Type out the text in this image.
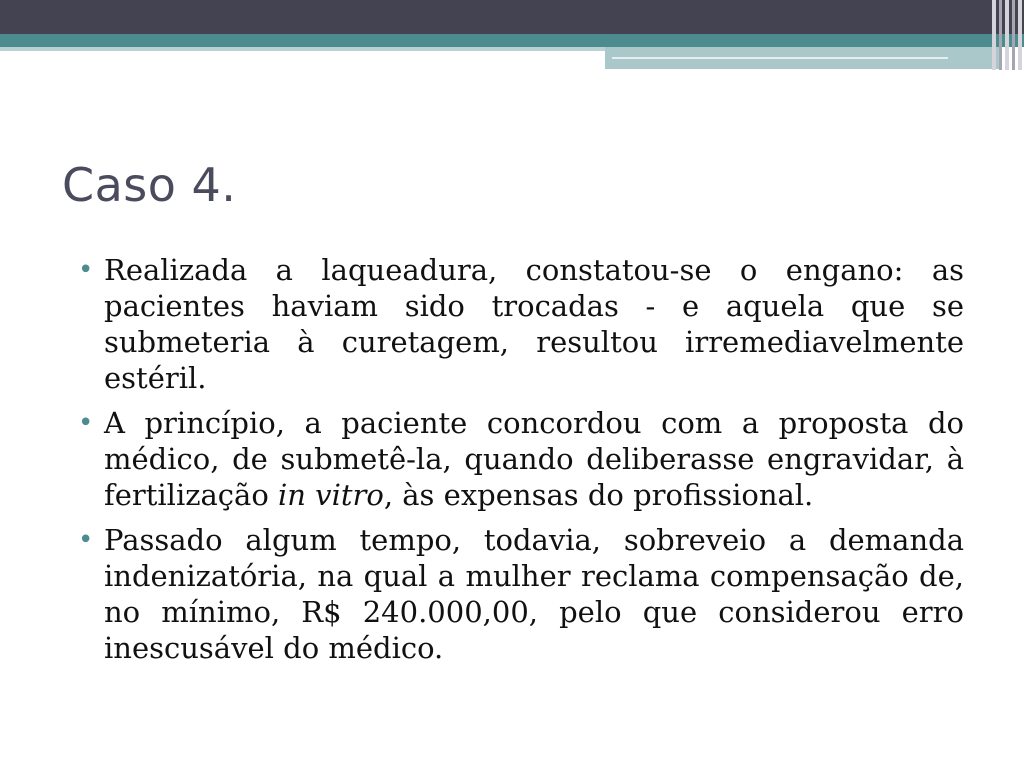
Caso 4.
• Realizada a laqueadura, constatou-se o engano: as pacientes haviam sido trocadas - e aquela que se submeteria à curetagem, resultou irremediavelmente estéril.
• A princípio, a paciente concordou com a proposta do médico, de submetê-la, quando deliberasse engravidar, à fertilização in vitro, às expensas do profissional.
• Passado algum tempo, todavia, sobreveio a demanda indenizatória, na qual a mulher reclama compensação de, no mínimo, R$ 240.000,00, pelo que considerou erro inescusável do médico.
